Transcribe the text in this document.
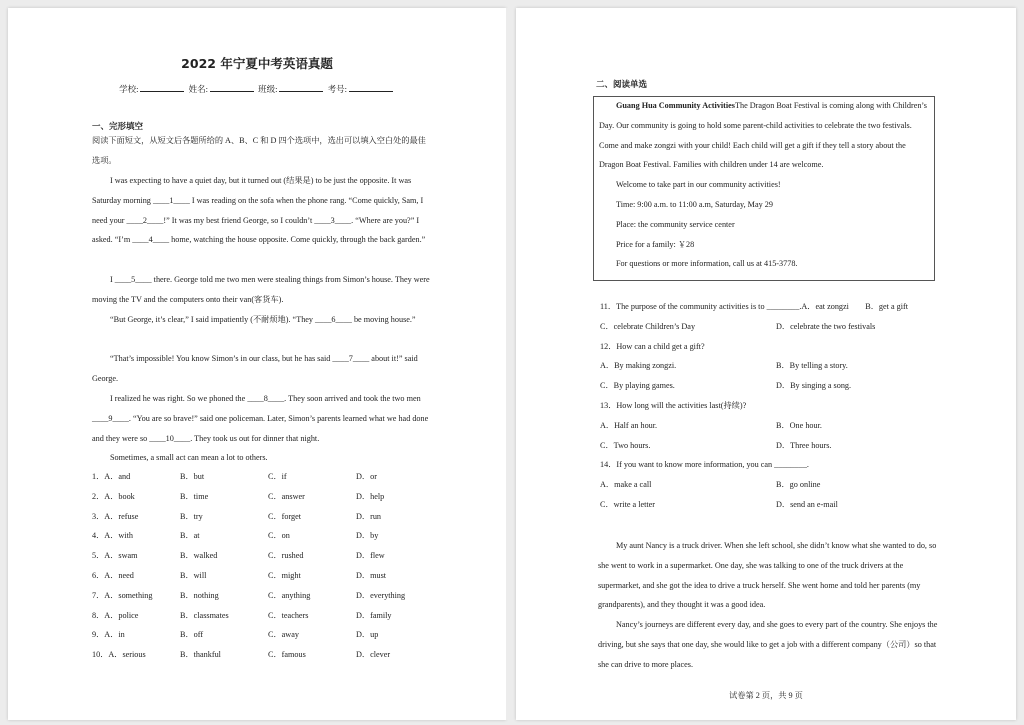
2022 年宁夏中考英语真题
学校:	姓名:	班级:	考号:
一、完形填空

阅读下面短文，从短文后各题所给的 A、B、C 和 D 四个选项中，选出可以填入空白处的最佳选项。

I was expecting to have a quiet day, but it turned out (结果是) to be just the opposite. It was Saturday morning ____1____ I was reading on the sofa when the phone rang. “Come quickly, Sam, I need your ____2____!” It was my best friend George, so I couldn’t ____3____. “Where are you?” I asked. “I’m ____4____ home, watching the house opposite. Come quickly, through the back garden.”

I ____5____ there. George told me two men were stealing things from Simon’s house. They were moving the TV and the computers onto their van(客货车).

“But George, it’s clear,” I said impatiently (不耐烦地). “They ____6____ be moving house.”

“That’s impossible! You know Simon’s in our class, but he has said ____7____ about it!” said George.

I realized he was right. So we phoned the ____8____. They soon arrived and took the two men ____9____. “You are so brave!” said one policeman. Later, Simon’s parents learned what we had done and they were so ____10____. They took us out for dinner that night.

Sometimes, a small act can mean a lot to others.

1．A．and	B．but	C．if	D．or
2．A．book	B．time	C．answer	D．help
3．A．refuse	B．try	C．forget	D．run
4．A．with	B．at	C．on	D．by
5．A．swam	B．walked	C．rushed	D．flew
6．A．need	B．will	C．might	D．must
7．A．something	B．nothing	C．anything	D．everything
8．A．police	B．classmates	C．teachers	D．family
9．A．in	B．off	C．away	D．up
10．A．serious	B．thankful	C．famous	D．clever
二、阅读单选

Guang Hua Community ActivitiesThe Dragon Boat Festival is coming along with Children’s Day. Our community is going to hold some parent-child activities to celebrate the two festivals. Come and make zongzi with your child! Each child will get a gift if they tell a story about the Dragon Boat Festival. Families with children under 14 are welcome.

Welcome to take part in our community activities!

Time: 9:00 a.m. to 11:00 a.m, Saturday, May 29

Place: the community service center

Price for a family: ￥28

For questions or more information, call us at 415-3778.

11．The purpose of the community activities is to ________.A．eat zongzi　　B．get a gift
C．celebrate Children’s Day	D．celebrate the two festivals
12．How can a child get a gift?
A．By making zongzi.	B．By telling a story.
C．By playing games.	D．By singing a song.
13．How long will the activities last(持续)?
A．Half an hour.	B．One hour.
C．Two hours.	D．Three hours.
14．If you want to know more information, you can ________.
A．make a call	B．go online
C．write a letter	D．send an e-mail

My aunt Nancy is a truck driver. When she left school, she didn’t know what she wanted to do, so she went to work in a supermarket. One day, she was talking to one of the truck drivers at the supermarket, and she got the idea to drive a truck herself. She went home and told her parents (my grandparents), and they thought it was a good idea.

Nancy’s journeys are different every day, and she goes to every part of the country. She enjoys the driving, but she says that one day, she would like to get a job with a different company（公司）so that she can drive to more places.

试卷第 2 页，共 9 页
